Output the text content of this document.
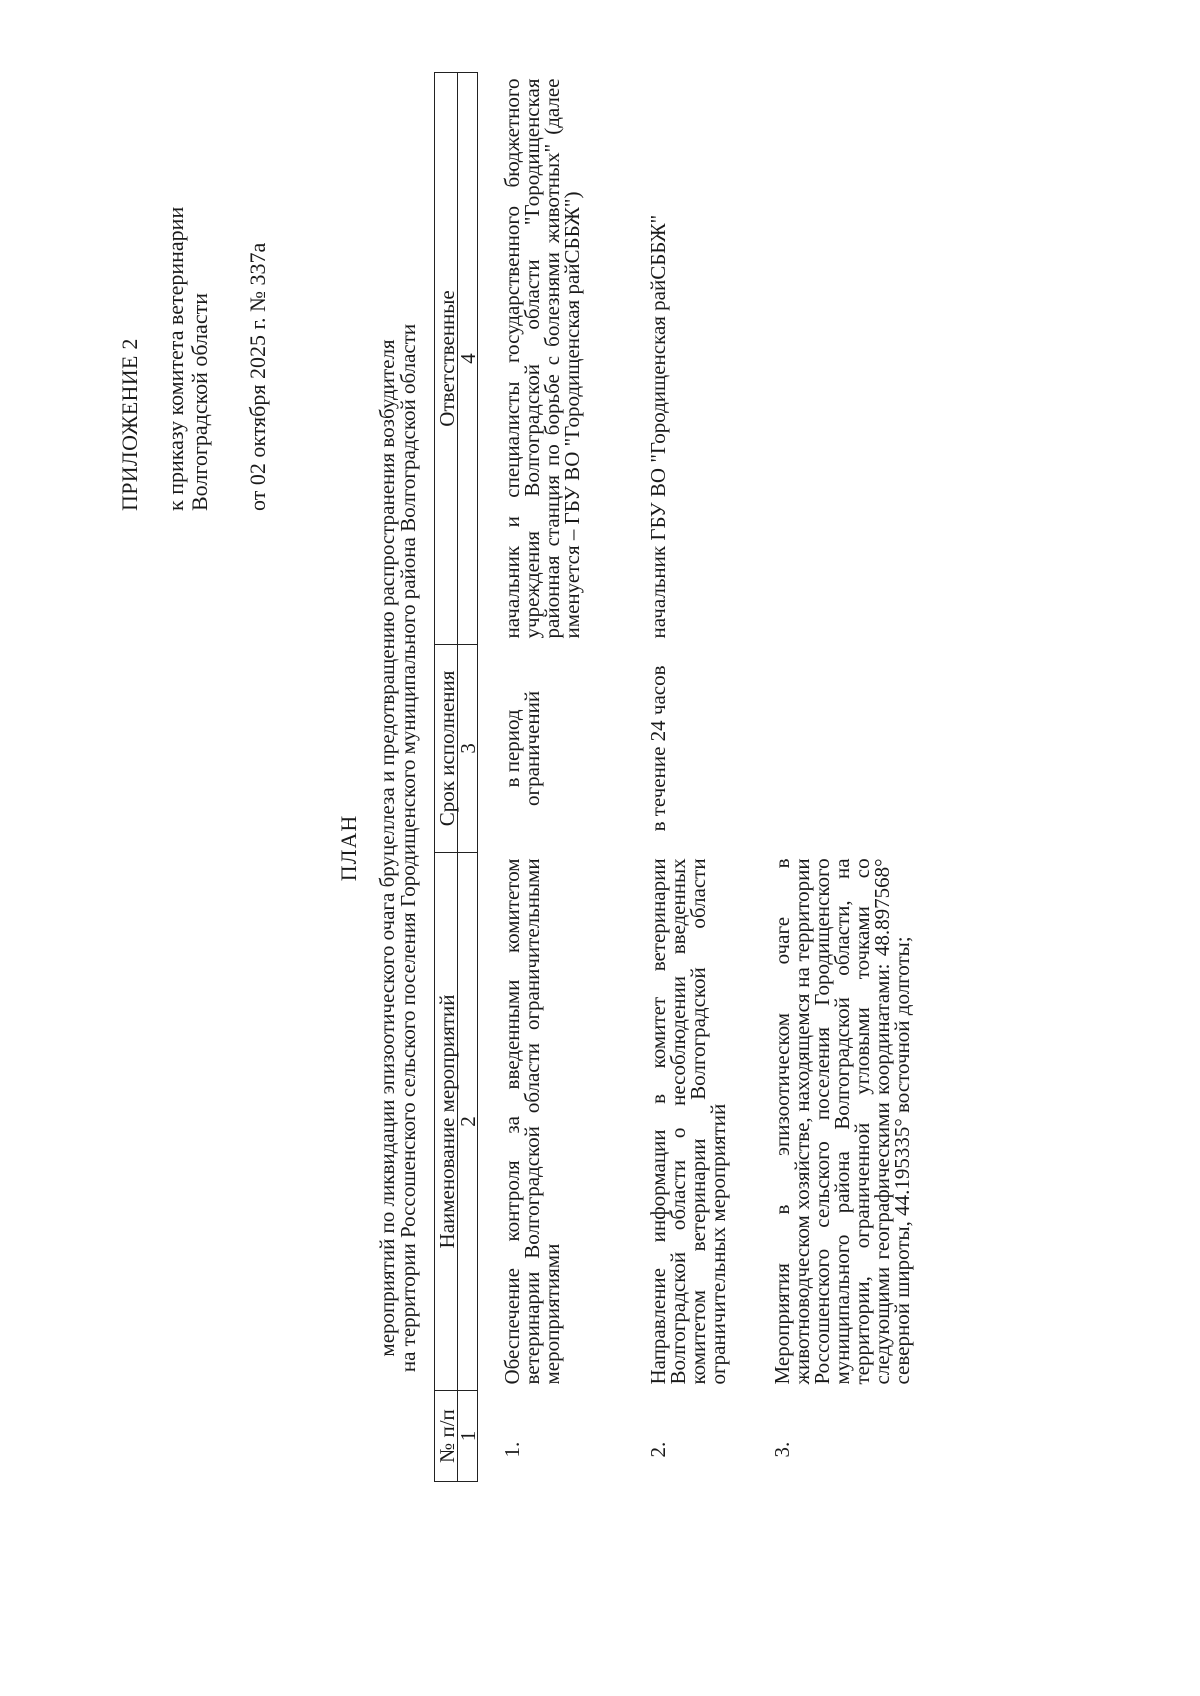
ПРИЛОЖЕНИЕ 2 к приказу комитета ветеринарии Волгоградской области от 02 октября 2025 г. № 337а
ПЛАН мероприятий по ликвидации эпизоотического очага бруцеллеза и предотвращению распространения возбудителя
на территории Россошенского сельского поселения Городищенского муниципального района Волгоградской области
№ п/п	Наименование мероприятий	Срок исполнения	Ответственные
1	2	3	4
1.	Обеспечение контроля за введенными комитетом ветеринарии Волгоградской области ограничительными мероприятиями	в период ограничений	начальник и специалисты государственного бюджетного учреждения Волгоградской области "Городищенская районная станция по борьбе с болезнями животных" (далее именуется – ГБУ ВО "Городищенская райСББЖ")
2.	Направление информации в комитет ветеринарии Волгоградской области о несоблюдении введенных комитетом ветеринарии Волгоградской области ограничительных мероприятий	в течение 24 часов	начальник ГБУ ВО "Городищенская райСББЖ"
3.	Мероприятия в эпизоотическом очаге в животноводческом хозяйстве, находящемся на территории Россошенского сельского поселения Городищенского муниципального района Волгоградской области, на территории, ограниченной угловыми точками со следующими географическими координатами: 48.897568° северной широты, 44.195335° восточной долготы;		
